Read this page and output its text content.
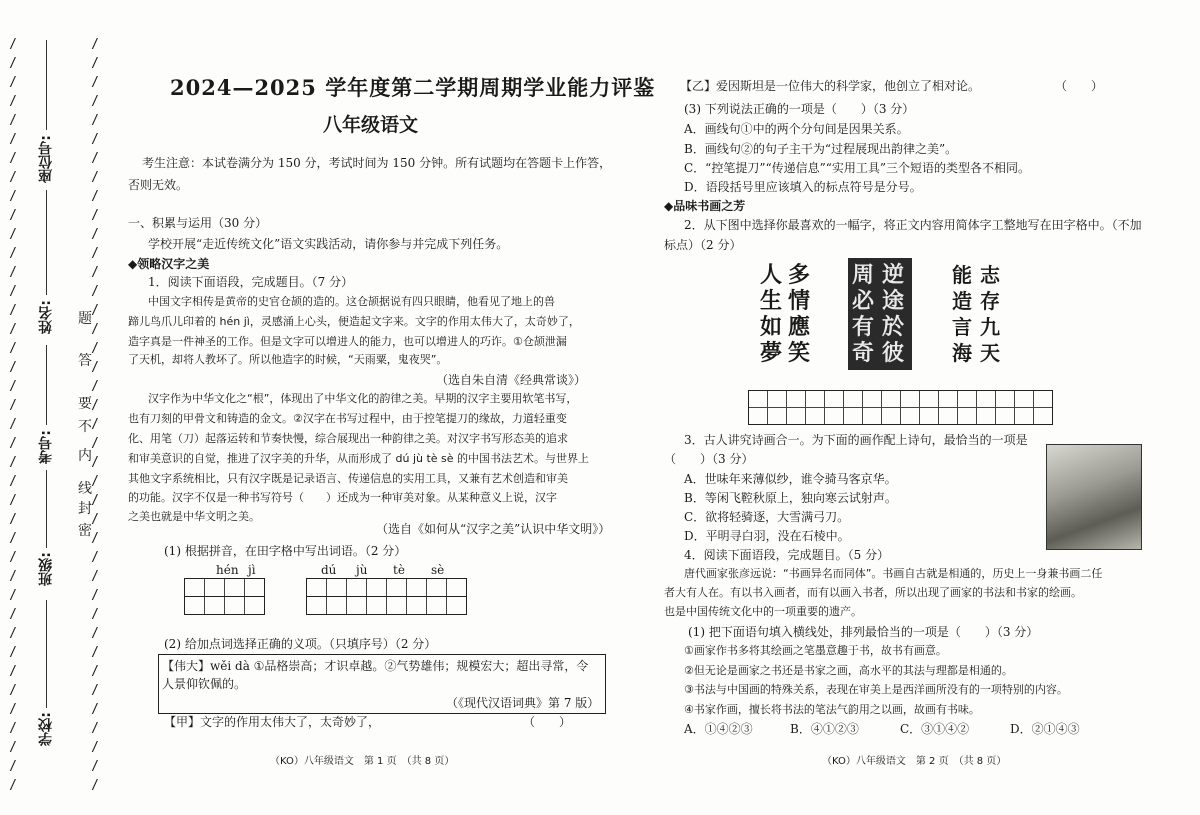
/
/
/
/
/
/
/
/
/
/
/
/
/
/
/
/
/
/
/
/
/
/
/
/
/
/
/
/
/
/
/
/
/
/
/
/
/
/
/
/
/
/
/
/
/
/
/
/
/
/
/
/
/
/
/
/
/
/
/
/
/
/
/
/
/
/
/
/
/
/
/
/
/
/
/
/
/
/
/
/
座位号:
姓名:
考号:
班级:
学校:
题
答
要
不
内
线
封
密
2024—2025 学年度第二学期周期学业能力评鉴
八年级语文
考生注意：本试卷满分为 150 分，考试时间为 150 分钟。所有试题均在答题卡上作答，
否则无效。
一、积累与运用（30 分）
学校开展“走近传统文化”语文实践活动，请你参与并完成下列任务。
◆领略汉字之美
1．阅读下面语段，完成题目。（7 分）
中国文字相传是黄帝的史官仓颉的造的。这仓颉据说有四只眼睛，他看见了地上的兽
蹄儿鸟爪儿印着的 hén jì，灵感涌上心头，便造起文字来。文字的作用太伟大了，太奇妙了，
造字真是一件神圣的工作。但是文字可以增进人的能力，也可以增进人的巧诈。①仓颉泄漏
了天机，却将人教坏了。所以他造字的时候，“天雨粟，鬼夜哭”。
（选自朱自清《经典常谈》）
汉字作为中华文化之“根”，体现出了中华文化的韵律之美。早期的汉字主要用软笔书写，
也有刀刻的甲骨文和铸造的金文。②汉字在书写过程中，由于控笔提刀的缘故，力道轻重变
化、用笔（刀）起落运转和节奏快慢，综合展现出一种韵律之美。对汉字书写形态美的追求
和审美意识的自觉，推进了汉字美的升华，从而形成了 dú jù tè sè 的中国书法艺术。与世界上
其他文字系统相比，只有汉字既是记录语言、传递信息的实用工具，又兼有艺术创造和审美
的功能。汉字不仅是一种书写符号（　　）还成为一种审美对象。从某种意义上说，汉字
之美也就是中华文明之美。
（选自《如何从“汉字之美”认识中华文明》）
(1) 根据拼音，在田字格中写出词语。（2 分）
hén jì	dú jù tè sè
(2) 给加点词选择正确的义项。（只填序号）（2 分）
【伟大】wěi dà ①品格崇高；才识卓越。②气势雄伟；规模宏大；超出寻常，令
人景仰钦佩的。
（《现代汉语词典》第 7 版）
【甲】文字的作用太伟大了，太奇妙了，	（　　）
（KO）八年级语文　第 1 页　（共 8 页）
【乙】爱因斯坦是一位伟大的科学家，他创立了相对论。	（　　）
(3) 下列说法正确的一项是（　　）（3 分）
A．画线句①中的两个分句间是因果关系。
B．画线句②的句子主干为“过程展现出韵律之美”。
C．“控笔提刀”“传递信息”“实用工具”三个短语的类型各不相同。
D．语段括号里应该填入的标点符号是分号。
◆品味书画之芳
2．从下图中选择你最喜欢的一幅字，将正文内容用简体字工整地写在田字格中。（不加
标点）（2 分）
多
情
應
笑
人
生
如
夢
逆
途
於
彼
周
必
有
奇
志
存
九
天
能
造
言
海
3．古人讲究诗画合一。为下面的画作配上诗句，最恰当的一项是
（　　）（3 分）
A．世味年来薄似纱，谁令骑马客京华。
B．等闲飞鞚秋原上，独向寒云试射声。
C．欲将轻骑逐，大雪满弓刀。
D．平明寻白羽，没在石棱中。
4．阅读下面语段，完成题目。（5 分）
唐代画家张彦远说：“书画异名而同体”。书画自古就是相通的，历史上一身兼书画二任
者大有人在。有以书入画者，而有以画入书者，所以出现了画家的书法和书家的绘画。
也是中国传统文化中的一项重要的遗产。
(1) 把下面语句填入横线处，排列最恰当的一项是（　　）（3 分）
①画家作书多将其绘画之笔墨意趣于书，故书有画意。
②但无论是画家之书还是书家之画，高水平的其法与理都是相通的。
③书法与中国画的特殊关系，表现在审美上是西洋画所没有的一项特别的内容。
④书家作画，擅长将书法的笔法气韵用之以画，故画有书味。
A．①④②③	B．④①②③	C．③①④②	D．②①④③
（KO）八年级语文　第 2 页　（共 8 页）
